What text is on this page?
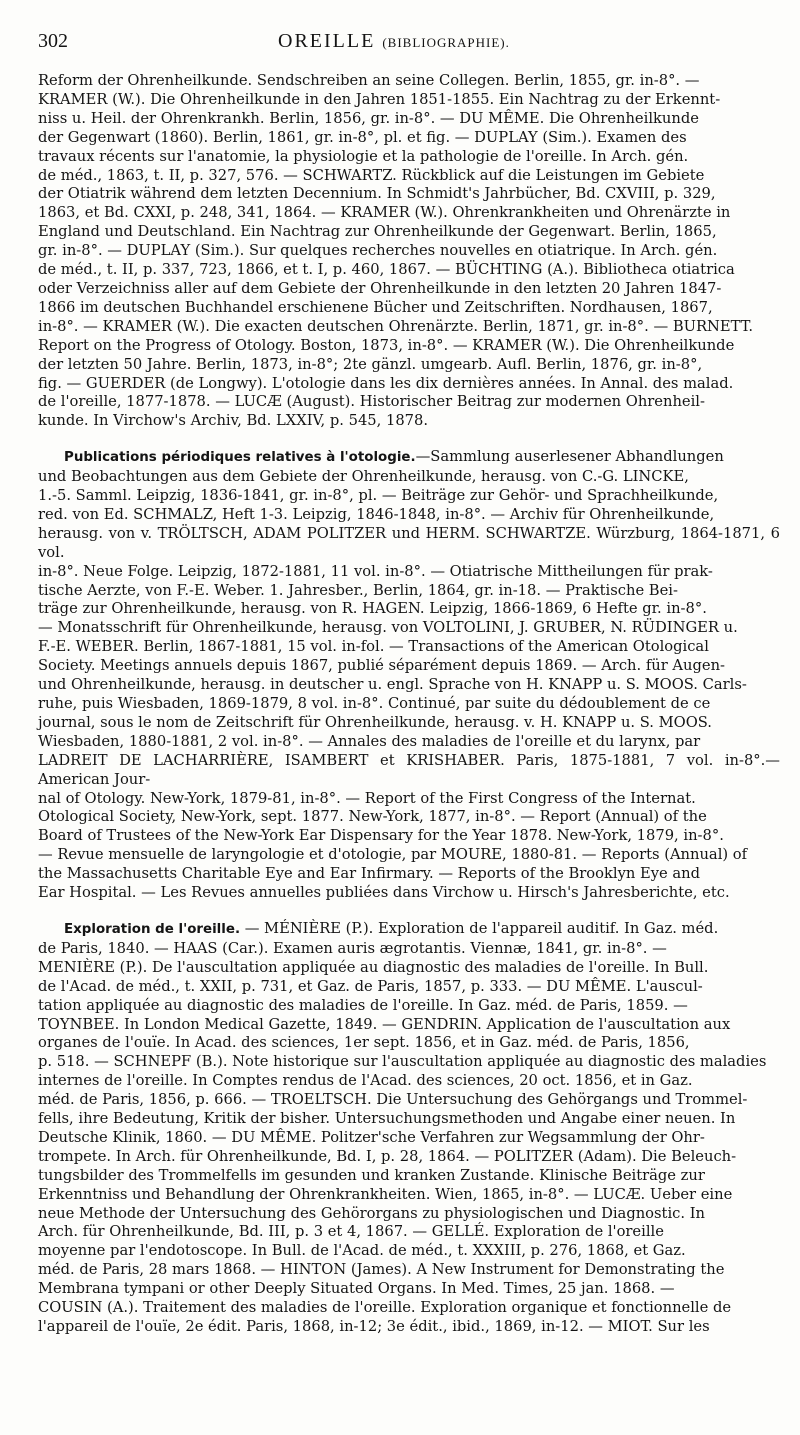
302	OREILLE (BIBLIOGRAPHIE).

Reform der Ohrenheilkunde. Sendschreiben an seine Collegen. Berlin, 1855, gr. in-8°. —
KRAMER (W.). Die Ohrenheilkunde in den Jahren 1851-1855. Ein Nachtrag zu der Erkennt-
niss u. Heil. der Ohrenkrankh. Berlin, 1856, gr. in-8°. — DU MÊME. Die Ohrenheilkunde
der Gegenwart (1860). Berlin, 1861, gr. in-8°, pl. et fig. — DUPLAY (Sim.). Examen des
travaux récents sur l'anatomie, la physiologie et la pathologie de l'oreille. In Arch. gén.
de méd., 1863, t. II, p. 327, 576. — SCHWARTZ. Rückblick auf die Leistungen im Gebiete
der Otiatrik während dem letzten Decennium. In Schmidt's Jahrbücher, Bd. CXVIII, p. 329,
1863, et Bd. CXXI, p. 248, 341, 1864. — KRAMER (W.). Ohrenkrankheiten und Ohrenärzte in
England und Deutschland. Ein Nachtrag zur Ohrenheilkunde der Gegenwart. Berlin, 1865,
gr. in-8°. — DUPLAY (Sim.). Sur quelques recherches nouvelles en otiatrique. In Arch. gén.
de méd., t. II, p. 337, 723, 1866, et t. I, p. 460, 1867. — BÜCHTING (A.). Bibliotheca otiatrica
oder Verzeichniss aller auf dem Gebiete der Ohrenheilkunde in den letzten 20 Jahren 1847-
1866 im deutschen Buchhandel erschienene Bücher und Zeitschriften. Nordhausen, 1867,
in-8°. — KRAMER (W.). Die exacten deutschen Ohrenärzte. Berlin, 1871, gr. in-8°. — BURNETT.
Report on the Progress of Otology. Boston, 1873, in-8°. — KRAMER (W.). Die Ohrenheilkunde
der letzten 50 Jahre. Berlin, 1873, in-8°; 2te gänzl. umgearb. Aufl. Berlin, 1876, gr. in-8°,
fig. — GUERDER (de Longwy). L'otologie dans les dix dernières années. In Annal. des malad.
de l'oreille, 1877-1878. — LUCÆ (August). Historischer Beitrag zur modernen Ohrenheil-
kunde. In Virchow's Archiv, Bd. LXXIV, p. 545, 1878.

Publications périodiques relatives à l'otologie.—Sammlung auserlesener Abhandlungen
und Beobachtungen aus dem Gebiete der Ohrenheilkunde, herausg. von C.-G. LINCKE,
1.-5. Samml. Leipzig, 1836-1841, gr. in-8°, pl. — Beiträge zur Gehör- und Sprachheilkunde,
red. von Ed. SCHMALZ, Heft 1-3. Leipzig, 1846-1848, in-8°. — Archiv für Ohrenheilkunde,
herausg. von v. TRÖLTSCH, ADAM POLITZER und HERM. SCHWARTZE. Würzburg, 1864-1871, 6 vol.
in-8°. Neue Folge. Leipzig, 1872-1881, 11 vol. in-8°. — Otiatrische Mittheilungen für prak-
tische Aerzte, von F.-E. Weber. 1. Jahresber., Berlin, 1864, gr. in-18. — Praktische Bei-
träge zur Ohrenheilkunde, herausg. von R. HAGEN. Leipzig, 1866-1869, 6 Hefte gr. in-8°.
— Monatsschrift für Ohrenheilkunde, herausg. von VOLTOLINI, J. GRUBER, N. RÜDINGER u.
F.-E. WEBER. Berlin, 1867-1881, 15 vol. in-fol. — Transactions of the American Otological
Society. Meetings annuels depuis 1867, publié séparément depuis 1869. — Arch. für Augen-
und Ohrenheilkunde, herausg. in deutscher u. engl. Sprache von H. KNAPP u. S. MOOS. Carls-
ruhe, puis Wiesbaden, 1869-1879, 8 vol. in-8°. Continué, par suite du dédoublement de ce
journal, sous le nom de Zeitschrift für Ohrenheilkunde, herausg. v. H. KNAPP u. S. MOOS.
Wiesbaden, 1880-1881, 2 vol. in-8°. — Annales des maladies de l'oreille et du larynx, par
LADREIT DE LACHARRIÈRE, ISAMBERT et KRISHABER. Paris, 1875-1881, 7 vol. in-8°.— American Jour-
nal of Otology. New-York, 1879-81, in-8°. — Report of the First Congress of the Internat.
Otological Society, New-York, sept. 1877. New-York, 1877, in-8°. — Report (Annual) of the
Board of Trustees of the New-York Ear Dispensary for the Year 1878. New-York, 1879, in-8°.
— Revue mensuelle de laryngologie et d'otologie, par MOURE, 1880-81. — Reports (Annual) of
the Massachusetts Charitable Eye and Ear Infirmary. — Reports of the Brooklyn Eye and
Ear Hospital. — Les Revues annuelles publiées dans Virchow u. Hirsch's Jahresberichte, etc.

Exploration de l'oreille. — MÉNIÈRE (P.). Exploration de l'appareil auditif. In Gaz. méd.
de Paris, 1840. — HAAS (Car.). Examen auris ægrotantis. Viennæ, 1841, gr. in-8°. —
MENIÈRE (P.). De l'auscultation appliquée au diagnostic des maladies de l'oreille. In Bull.
de l'Acad. de méd., t. XXII, p. 731, et Gaz. de Paris, 1857, p. 333. — DU MÊME. L'auscul-
tation appliquée au diagnostic des maladies de l'oreille. In Gaz. méd. de Paris, 1859. —
TOYNBEE. In London Medical Gazette, 1849. — GENDRIN. Application de l'auscultation aux
organes de l'ouïe. In Acad. des sciences, 1er sept. 1856, et in Gaz. méd. de Paris, 1856,
p. 518. — SCHNEPF (B.). Note historique sur l'auscultation appliquée au diagnostic des maladies
internes de l'oreille. In Comptes rendus de l'Acad. des sciences, 20 oct. 1856, et in Gaz.
méd. de Paris, 1856, p. 666. — TROELTSCH. Die Untersuchung des Gehörgangs und Trommel-
fells, ihre Bedeutung, Kritik der bisher. Untersuchungsmethoden und Angabe einer neuen. In
Deutsche Klinik, 1860. — DU MÊME. Politzer'sche Verfahren zur Wegsammlung der Ohr-
trompete. In Arch. für Ohrenheilkunde, Bd. I, p. 28, 1864. — POLITZER (Adam). Die Beleuch-
tungsbilder des Trommelfells im gesunden und kranken Zustande. Klinische Beiträge zur
Erkenntniss und Behandlung der Ohrenkrankheiten. Wien, 1865, in-8°. — LUCÆ. Ueber eine
neue Methode der Untersuchung des Gehörorgans zu physiologischen und Diagnostic. In
Arch. für Ohrenheilkunde, Bd. III, p. 3 et 4, 1867. — GELLÉ. Exploration de l'oreille
moyenne par l'endotoscope. In Bull. de l'Acad. de méd., t. XXXIII, p. 276, 1868, et Gaz.
méd. de Paris, 28 mars 1868. — HINTON (James). A New Instrument for Demonstrating the
Membrana tympani or other Deeply Situated Organs. In Med. Times, 25 jan. 1868. —
COUSIN (A.). Traitement des maladies de l'oreille. Exploration organique et fonctionnelle de
l'appareil de l'ouïe, 2e édit. Paris, 1868, in-12; 3e édit., ibid., 1869, in-12. — MIOT. Sur les
